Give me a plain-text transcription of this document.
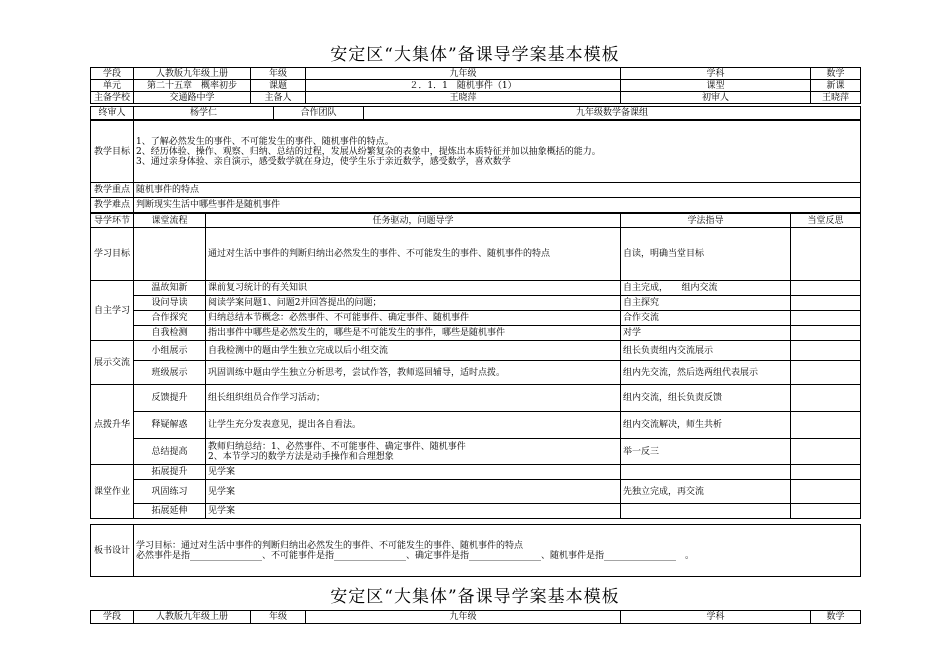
安定区“大集体”备课导学案基本模板
学段	人教版九年级上册	年级	九年级	学科	数学
单元	第二十五章　概率初步	课题	２．1．1　随机事件（1）	课型	新课
主备学校	交通路中学	主备人	王晓萍	初审人	王晓萍
终审人	杨学仁	合作团队	九年级数学备课组
教学目标	1、了解必然发生的事件、不可能发生的事件、随机事件的特点。
2、经历体验、操作、观察、归纳、总结的过程，发展从纷繁复杂的表象中，提炼出本质特征并加以抽象概括的能力。
3、通过亲身体验、亲自演示，感受数学就在身边，使学生乐于亲近数学，感受数学，喜欢数学

教学重点	随机事件的特点
教学难点	判断现实生活中哪些事件是随机事件
导学环节	课堂流程	任务驱动，问题导学	学法指导	当堂反思
学习目标		通过对生活中事件的判断归纳出必然发生的事件、不可能发生的事件、随机事件的特点	自读，明确当堂目标	
自主学习	温故知新	课前复习统计的有关知识	自主完成，　　组内交流	
	设问导读	阅读学案问题1、问题2并回答提出的问题；	自主探究	
	合作探究	归纳总结本节概念：必然事件、不可能事件、确定事件、随机事件	合作交流	
	自我检测	指出事件中哪些是必然发生的，哪些是不可能发生的事件，哪些是随机事件	对学	
展示交流	小组展示	自我检测中的题由学生独立完成以后小组交流	组长负责组内交流展示	
	班级展示	巩固训练中题由学生独立分析思考，尝试作答，教师巡回辅导，适时点拨。	组内先交流，然后选两组代表展示	
点拨升华	反馈提升	组长组织组员合作学习活动；	组内交流，组长负责反馈	
	释疑解惑	让学生充分发表意见，提出各自看法。	组内交流解决，师生共析	
	总结提高	教师归纳总结：1、必然事件、不可能事件、确定事件、随机事件
2、本节学习的数学方法是动手操作和合理想象	举一反三	
课堂作业	拓展提升	见学案		
	巩固练习	见学案	先独立完成，再交流	
	拓展延伸	见学案		
板书设计	学习目标：通过对生活中事件的判断归纳出必然发生的事件、不可能发生的事件、随机事件的特点
必然事件是指________________、不可能事件是指________________、确定事件是指________________、随机事件是指________________　。
安定区“大集体”备课导学案基本模板
学段	人教版九年级上册	年级	九年级	学科	数学
